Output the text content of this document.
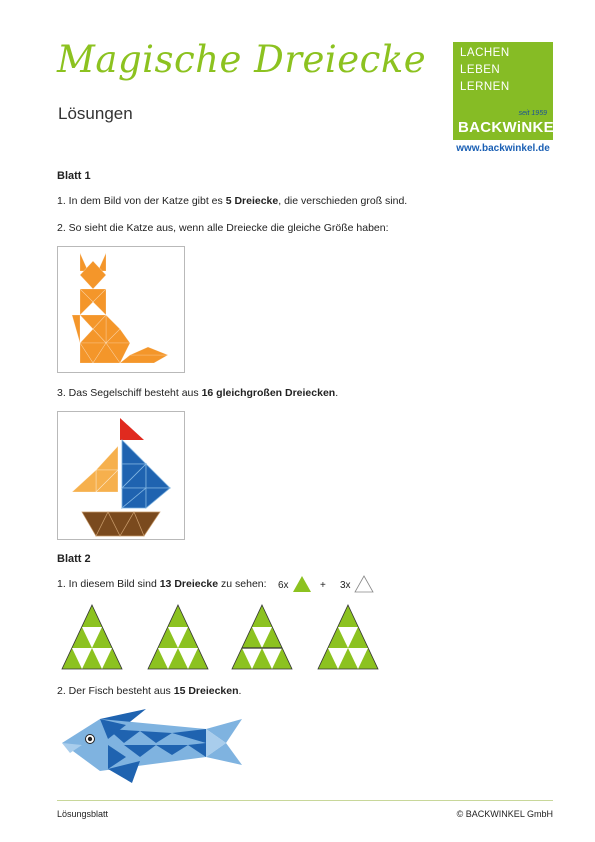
Magische Dreiecke
Lösungen
LACHEN
LEBEN
LERNEN
seit 1959
BACKWiNKEL
www.backwinkel.de
Blatt 1
1. In dem Bild von der Katze gibt es 5 Dreiecke, die verschieden groß sind.
2. So sieht die Katze aus, wenn alle Dreiecke die gleiche Größe haben:
3. Das Segelschiff besteht aus 16 gleichgroßen Dreiecken.
Blatt 2
1. In diesem Bild sind 13 Dreiecke zu sehen: 6x	+ 3x
2. Der Fisch besteht aus 15 Dreiecken.
Lösungsblatt	© BACKWINKEL GmbH
